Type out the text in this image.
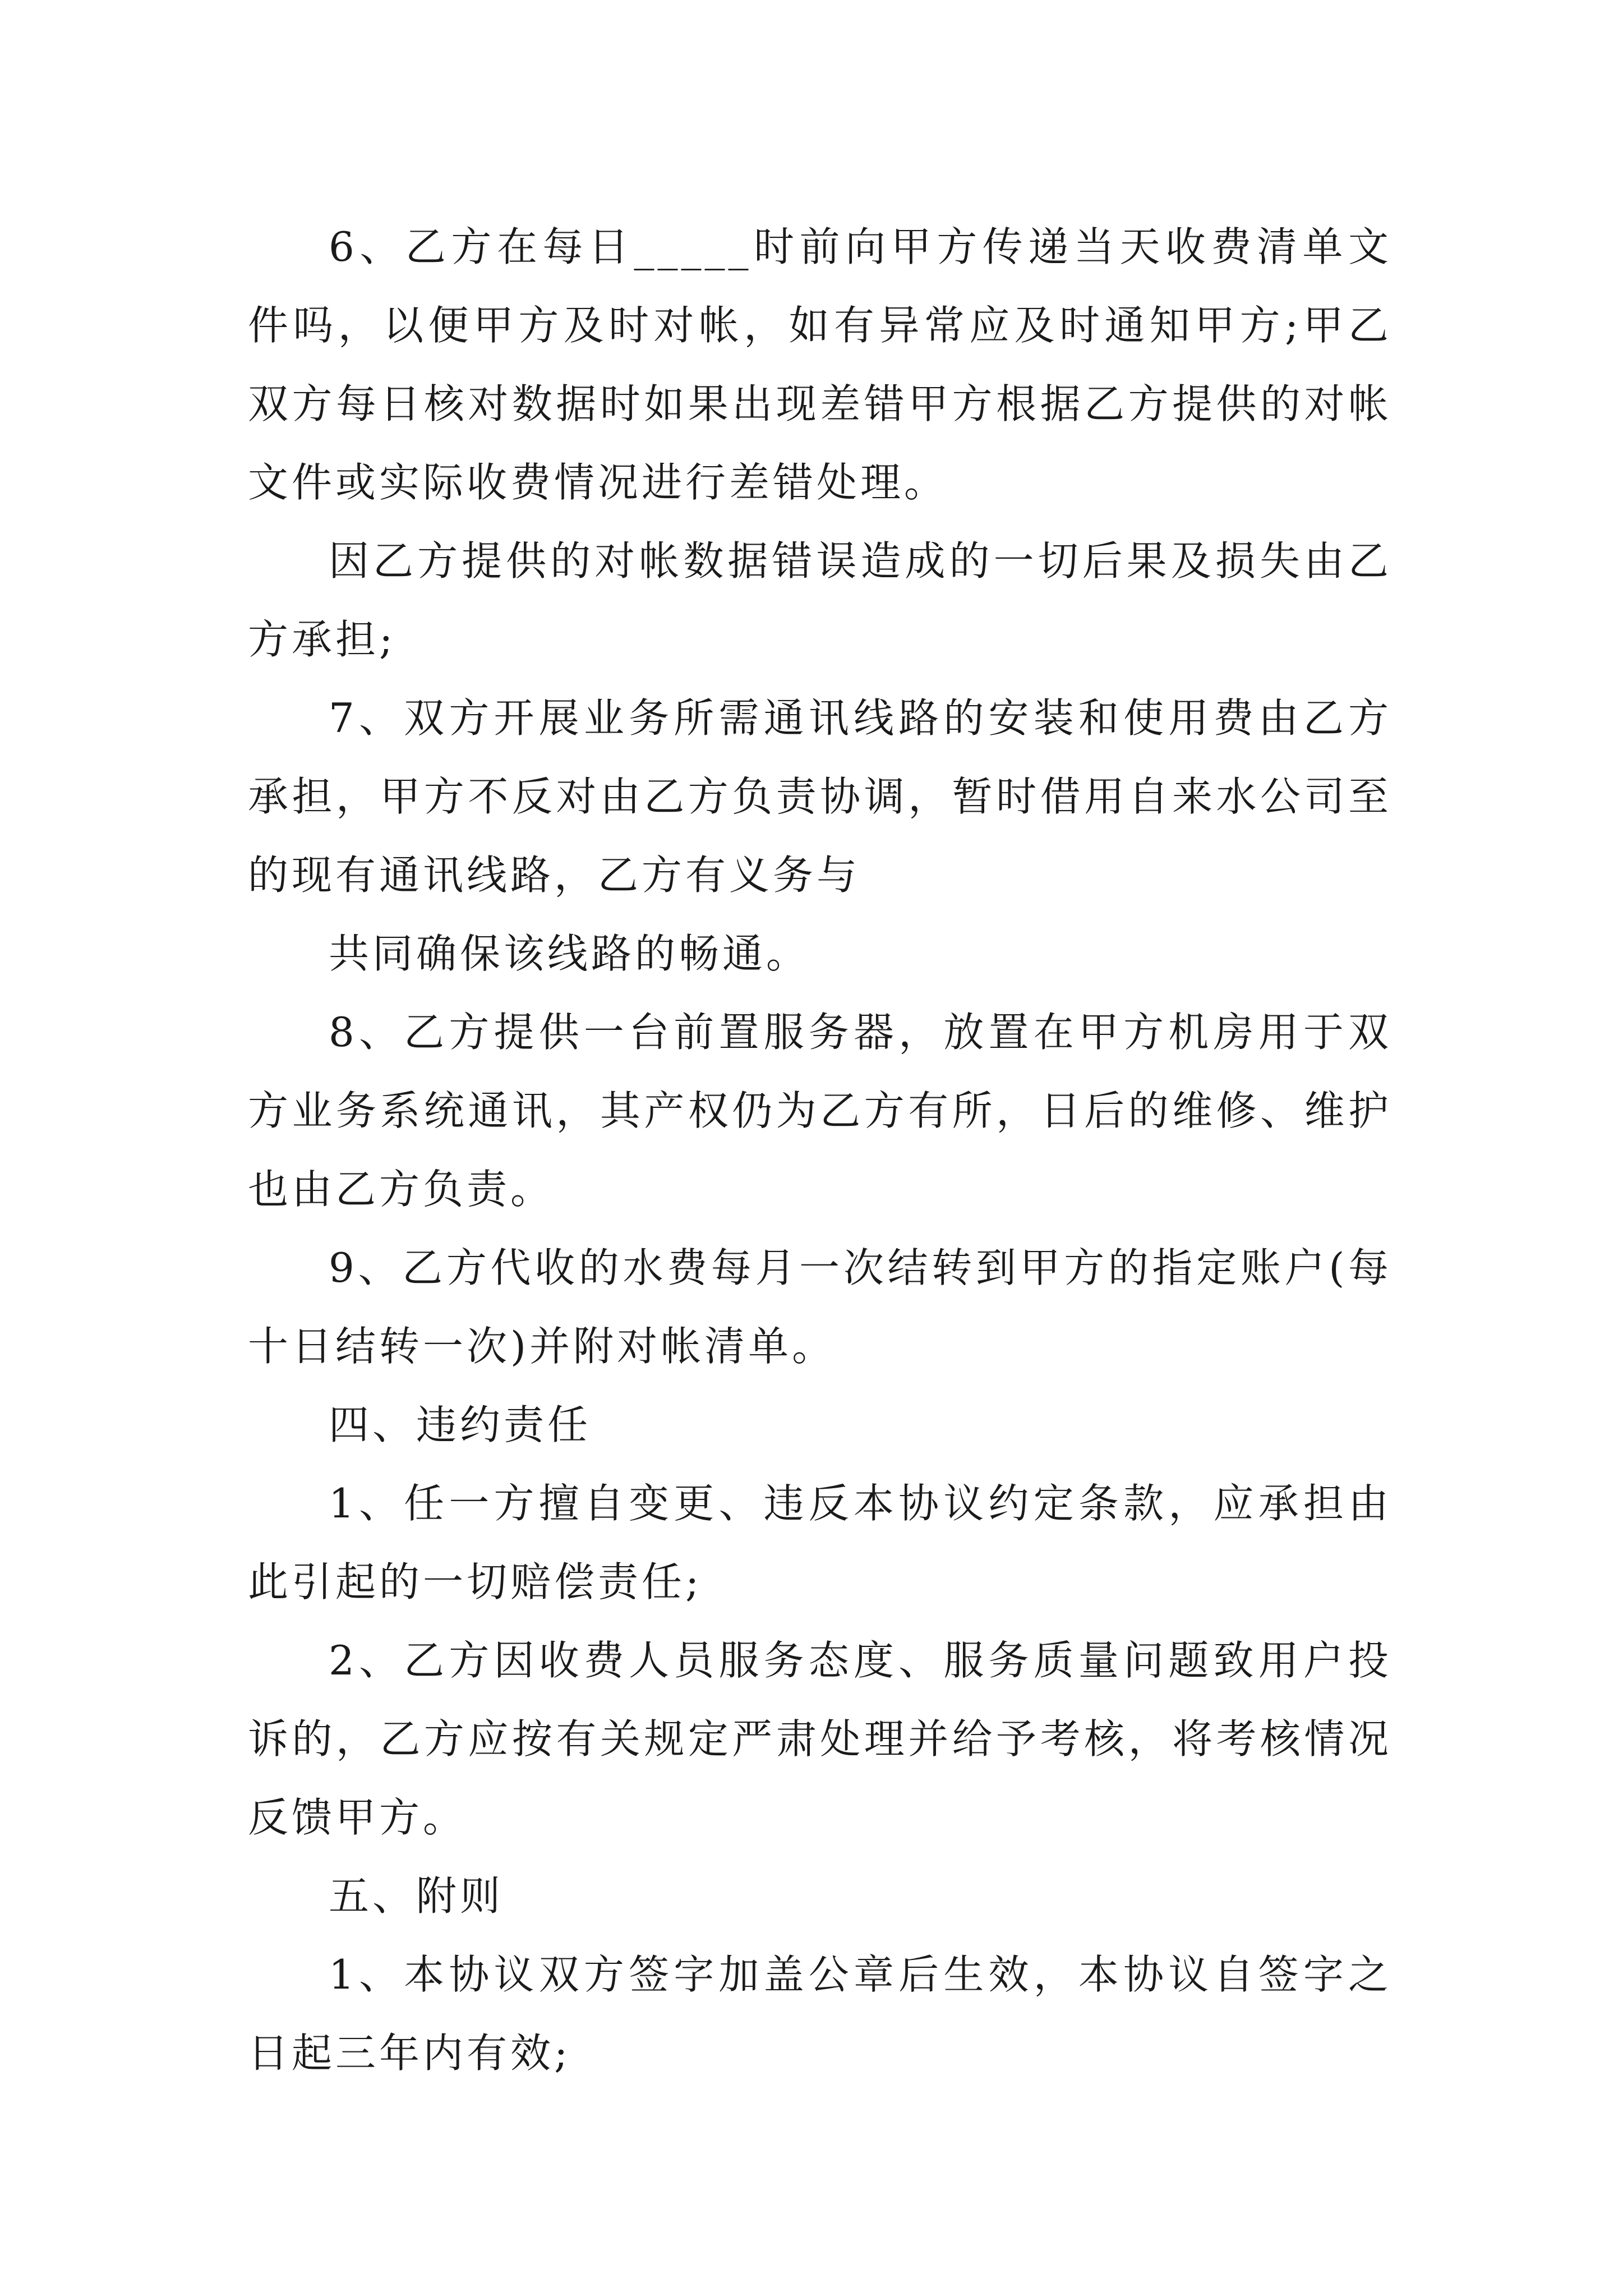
6、乙方在每日_____时前向甲方传递当天收费清单文件吗，以便甲方及时对帐，如有异常应及时通知甲方;甲乙双方每日核对数据时如果出现差错甲方根据乙方提供的对帐文件或实际收费情况进行差错处理。

因乙方提供的对帐数据错误造成的一切后果及损失由乙方承担;

7、双方开展业务所需通讯线路的安装和使用费由乙方承担，甲方不反对由乙方负责协调，暂时借用自来水公司至的现有通讯线路，乙方有义务与

共同确保该线路的畅通。

8、乙方提供一台前置服务器，放置在甲方机房用于双方业务系统通讯，其产权仍为乙方有所，日后的维修、维护也由乙方负责。

9、乙方代收的水费每月一次结转到甲方的指定账户(每十日结转一次)并附对帐清单。

四、违约责任

1、任一方擅自变更、违反本协议约定条款，应承担由此引起的一切赔偿责任;

2、乙方因收费人员服务态度、服务质量问题致用户投诉的，乙方应按有关规定严肃处理并给予考核，将考核情况反馈甲方。

五、附则

1、本协议双方签字加盖公章后生效，本协议自签字之日起三年内有效;
